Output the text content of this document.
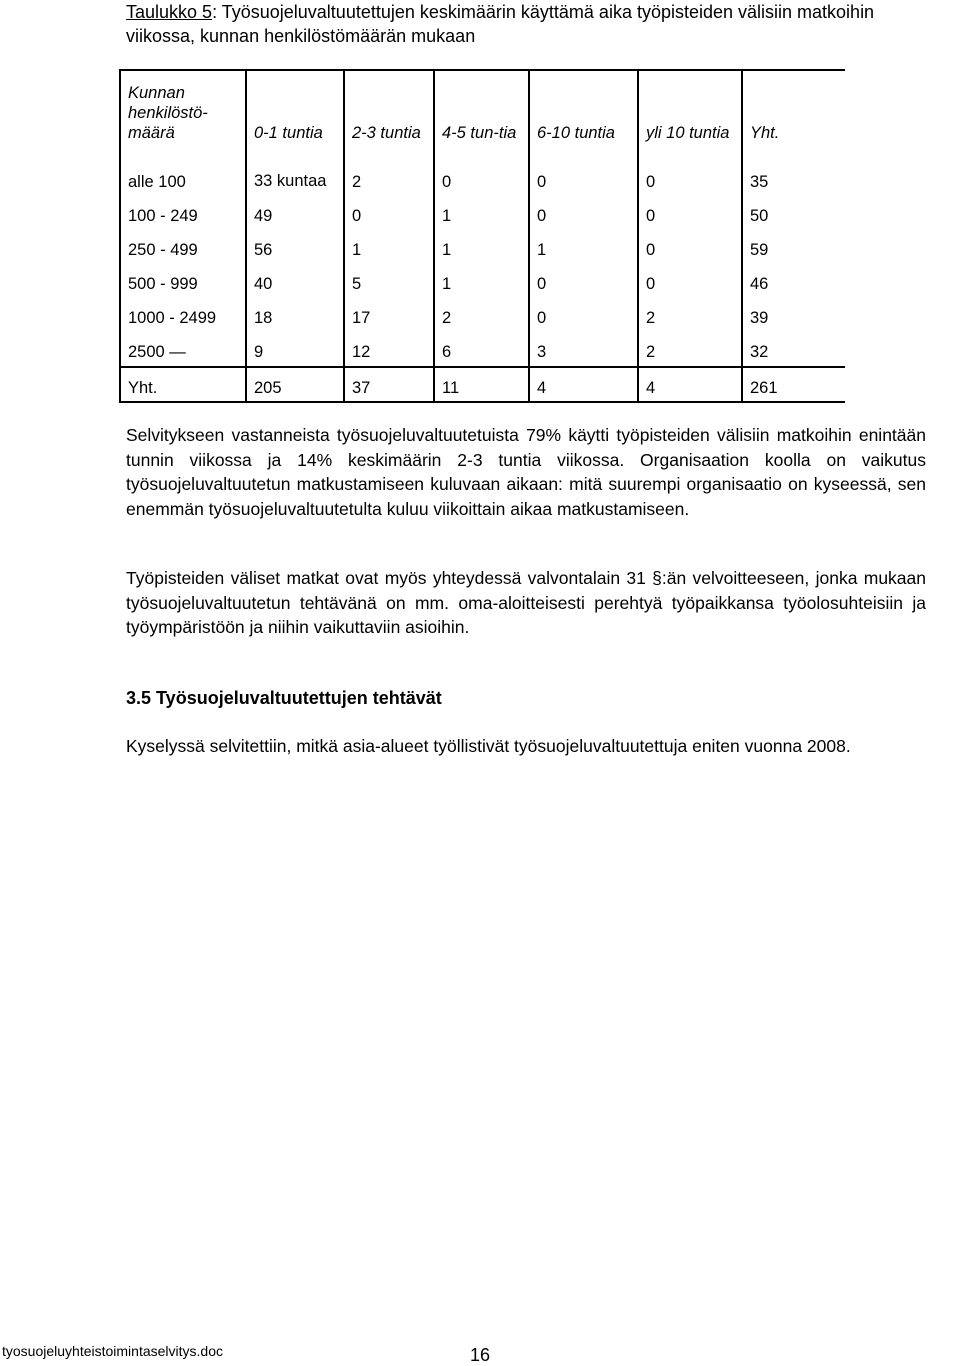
Taulukko 5: Työsuojeluvaltuutettujen keskimäärin käyttämä aika työpisteiden välisiin matkoihin viikossa, kunnan henkilöstömäärän mukaan
Kunnan henkilöstö-määrä	0-1 tuntia	2-3 tuntia	4-5 tun-tia	6-10 tuntia	yli 10 tuntia	Yht.
alle 100	33 kuntaa	2	0	0	0	35
100 - 249	49	0	1	0	0	50
250 - 499	56	1	1	1	0	59
500 - 999	40	5	1	0	0	46
1000 - 2499	18	17	2	0	2	39
2500 —	9	12	6	3	2	32
Yht.	205	37	11	4	4	261
Selvitykseen vastanneista työsuojeluvaltuutetuista 79% käytti työpisteiden välisiin matkoihin enintään tunnin viikossa ja 14% keskimäärin 2-3 tuntia viikossa. Organisaation koolla on vaikutus työsuojeluvaltuutetun matkustamiseen kuluvaan aikaan: mitä suurempi organisaatio on kyseessä, sen enemmän työsuojeluvaltuutetulta kuluu viikoittain aikaa matkustamiseen.
Työpisteiden väliset matkat ovat myös yhteydessä valvontalain 31 §:än velvoitteeseen, jonka mukaan työsuojeluvaltuutetun tehtävänä on mm. oma-aloitteisesti perehtyä työpaikkansa työolosuhteisiin ja työympäristöön ja niihin vaikuttaviin asioihin.
3.5 Työsuojeluvaltuutettujen tehtävät
Kyselyssä selvitettiin, mitkä asia-alueet työllistivät työsuojeluvaltuutettuja eniten vuonna 2008.
tyosuojeluyhteistoimintaselvitys.doc	16
